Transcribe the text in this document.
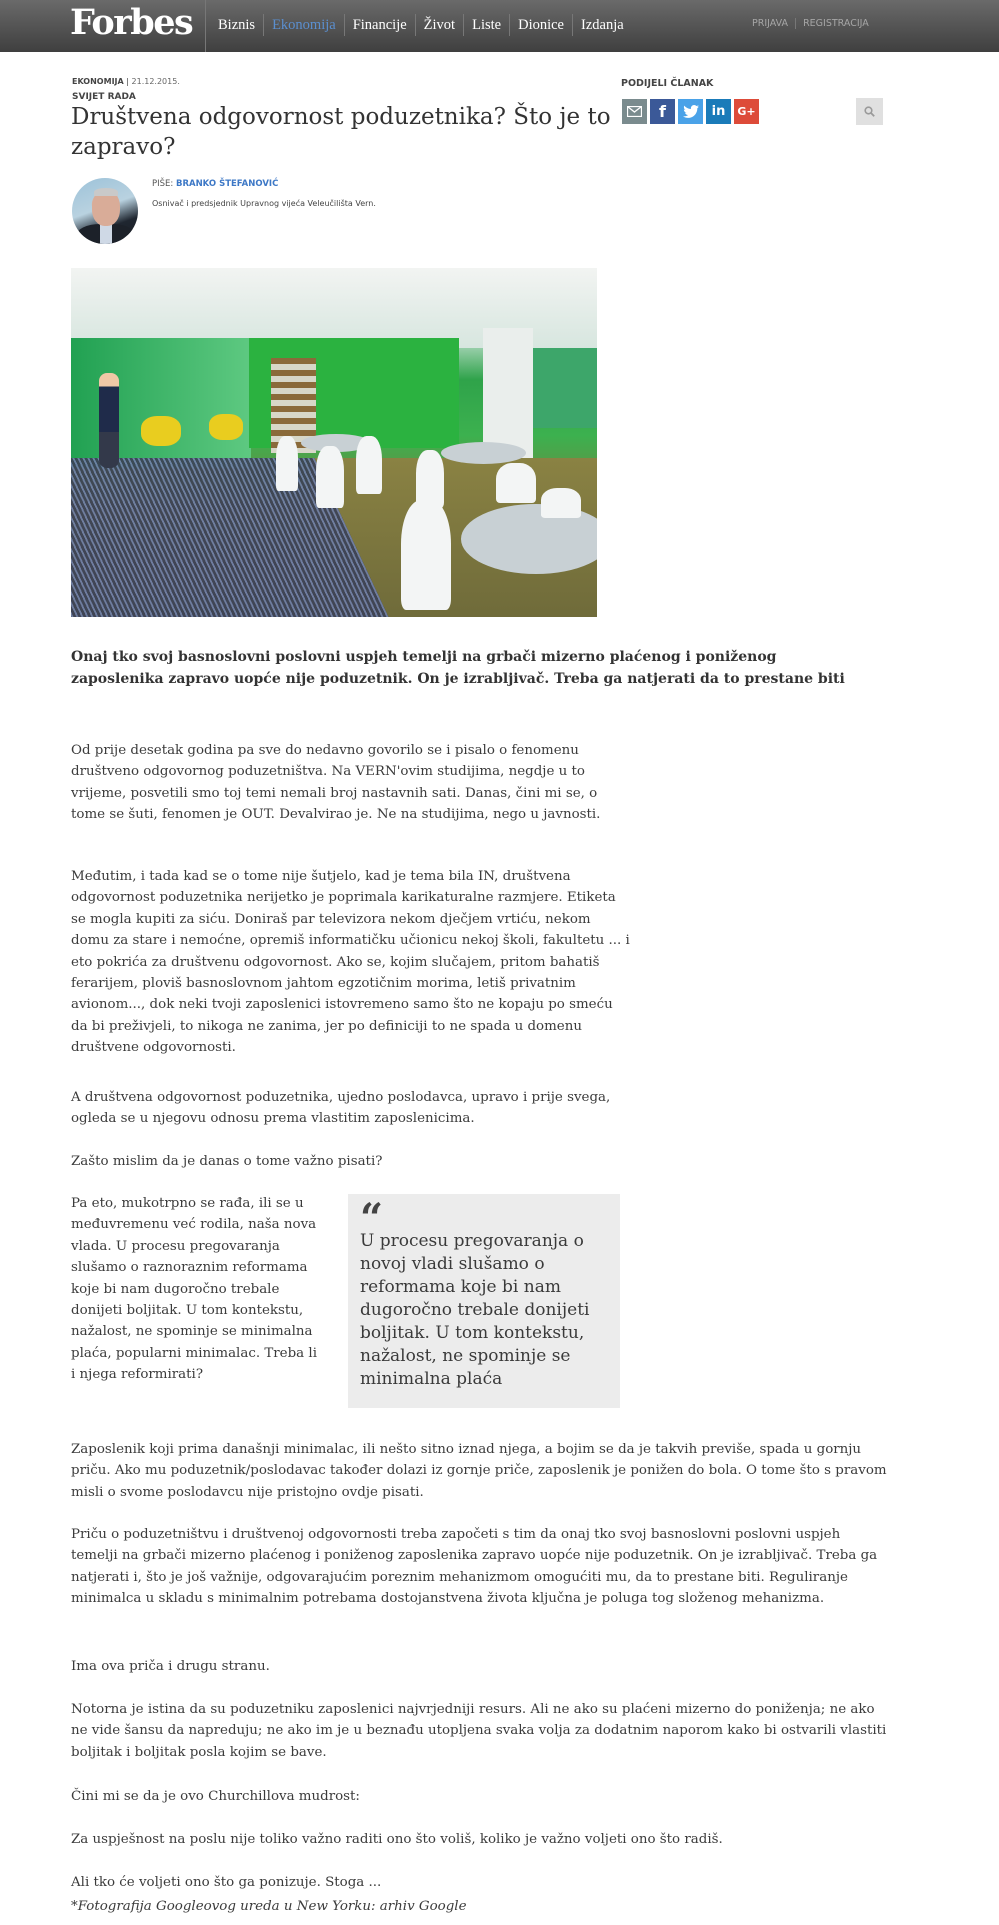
Forbes	Biznis	Ekonomija	Financije	Život	Liste	Dionice	Izdanja	PRIJAVA	REGISTRACIJA
EKONOMIJA | 21.12.2015.
SVIJET RADA
Društvena odgovornost poduzetnika? Što je to zapravo?
PIŠE: BRANKO ŠTEFANOVIĆ
Osnivač i predsjednik Upravnog vijeća Veleučilišta Vern.
PODIJELI ČLANAK
f	in G+

Onaj tko svoj basnoslovni poslovni uspjeh temelji na grbači mizerno plaćenog i poniženog zaposlenika zapravo uopće nije poduzetnik. On je izrabljivač. Treba ga natjerati da to prestane biti

Od prije desetak godina pa sve do nedavno govorilo se i pisalo o fenomenu društveno odgovornog poduzetništva. Na VERN'ovim studijima, negdje u to vrijeme, posvetili smo toj temi nemali broj nastavnih sati. Danas, čini mi se, o tome se šuti, fenomen je OUT. Devalvirao je. Ne na studijima, nego u javnosti.

Međutim, i tada kad se o tome nije šutjelo, kad je tema bila IN, društvena odgovornost poduzetnika nerijetko je poprimala karikaturalne razmjere. Etiketa se mogla kupiti za siću. Doniraš par televizora nekom dječjem vrtiću, nekom domu za stare i nemoćne, opremiš informatičku učionicu nekoj školi, fakultetu ... i eto pokrića za društvenu odgovornost. Ako se, kojim slučajem, pritom bahatiš ferarijem, ploviš basnoslovnom jahtom egzotičnim morima, letiš privatnim avionom..., dok neki tvoji zaposlenici istovremeno samo što ne kopaju po smeću da bi preživjeli, to nikoga ne zanima, jer po definiciji to ne spada u domenu društvene odgovornosti.

A društvena odgovornost poduzetnika, ujedno poslodavca, upravo i prije svega, ogleda se u njegovu odnosu prema vlastitim zaposlenicima.

Zašto mislim da je danas o tome važno pisati?

Pa eto, mukotrpno se rađa, ili se u međuvremenu već rodila, naša nova vlada. U procesu pregovaranja slušamo o raznoraznim reformama koje bi nam dugoročno trebale donijeti boljitak. U tom kontekstu, nažalost, ne spominje se minimalna plaća, popularni minimalac. Treba li i njega reformirati?

“
U procesu pregovaranja o novoj vladi slušamo o reformama koje bi nam dugoročno trebale donijeti boljitak. U tom kontekstu, nažalost, ne spominje se minimalna plaća

Zaposlenik koji prima današnji minimalac, ili nešto sitno iznad njega, a bojim se da je takvih previše, spada u gornju priču. Ako mu poduzetnik/poslodavac također dolazi iz gornje priče, zaposlenik je ponižen do bola. O tome što s pravom misli o svome poslodavcu nije pristojno ovdje pisati.

Priču o poduzetništvu i društvenoj odgovornosti treba započeti s tim da onaj tko svoj basnoslovni poslovni uspjeh temelji na grbači mizerno plaćenog i poniženog zaposlenika zapravo uopće nije poduzetnik. On je izrabljivač. Treba ga natjerati i, što je još važnije, odgovarajućim poreznim mehanizmom omogućiti mu, da to prestane biti. Reguliranje minimalca u skladu s minimalnim potrebama dostojanstvena života ključna je poluga tog složenog mehanizma.

Ima ova priča i drugu stranu.

Notorna je istina da su poduzetniku zaposlenici najvrjedniji resurs. Ali ne ako su plaćeni mizerno do poniženja; ne ako ne vide šansu da napreduju; ne ako im je u beznađu utopljena svaka volja za dodatnim naporom kako bi ostvarili vlastiti boljitak i boljitak posla kojim se bave.

Čini mi se da je ovo Churchillova mudrost:

Za uspješnost na poslu nije toliko važno raditi ono što voliš, koliko je važno voljeti ono što radiš.

Ali tko će voljeti ono što ga ponizuje. Stoga ...

*Fotografija Googleovog ureda u New Yorku: arhiv Google
